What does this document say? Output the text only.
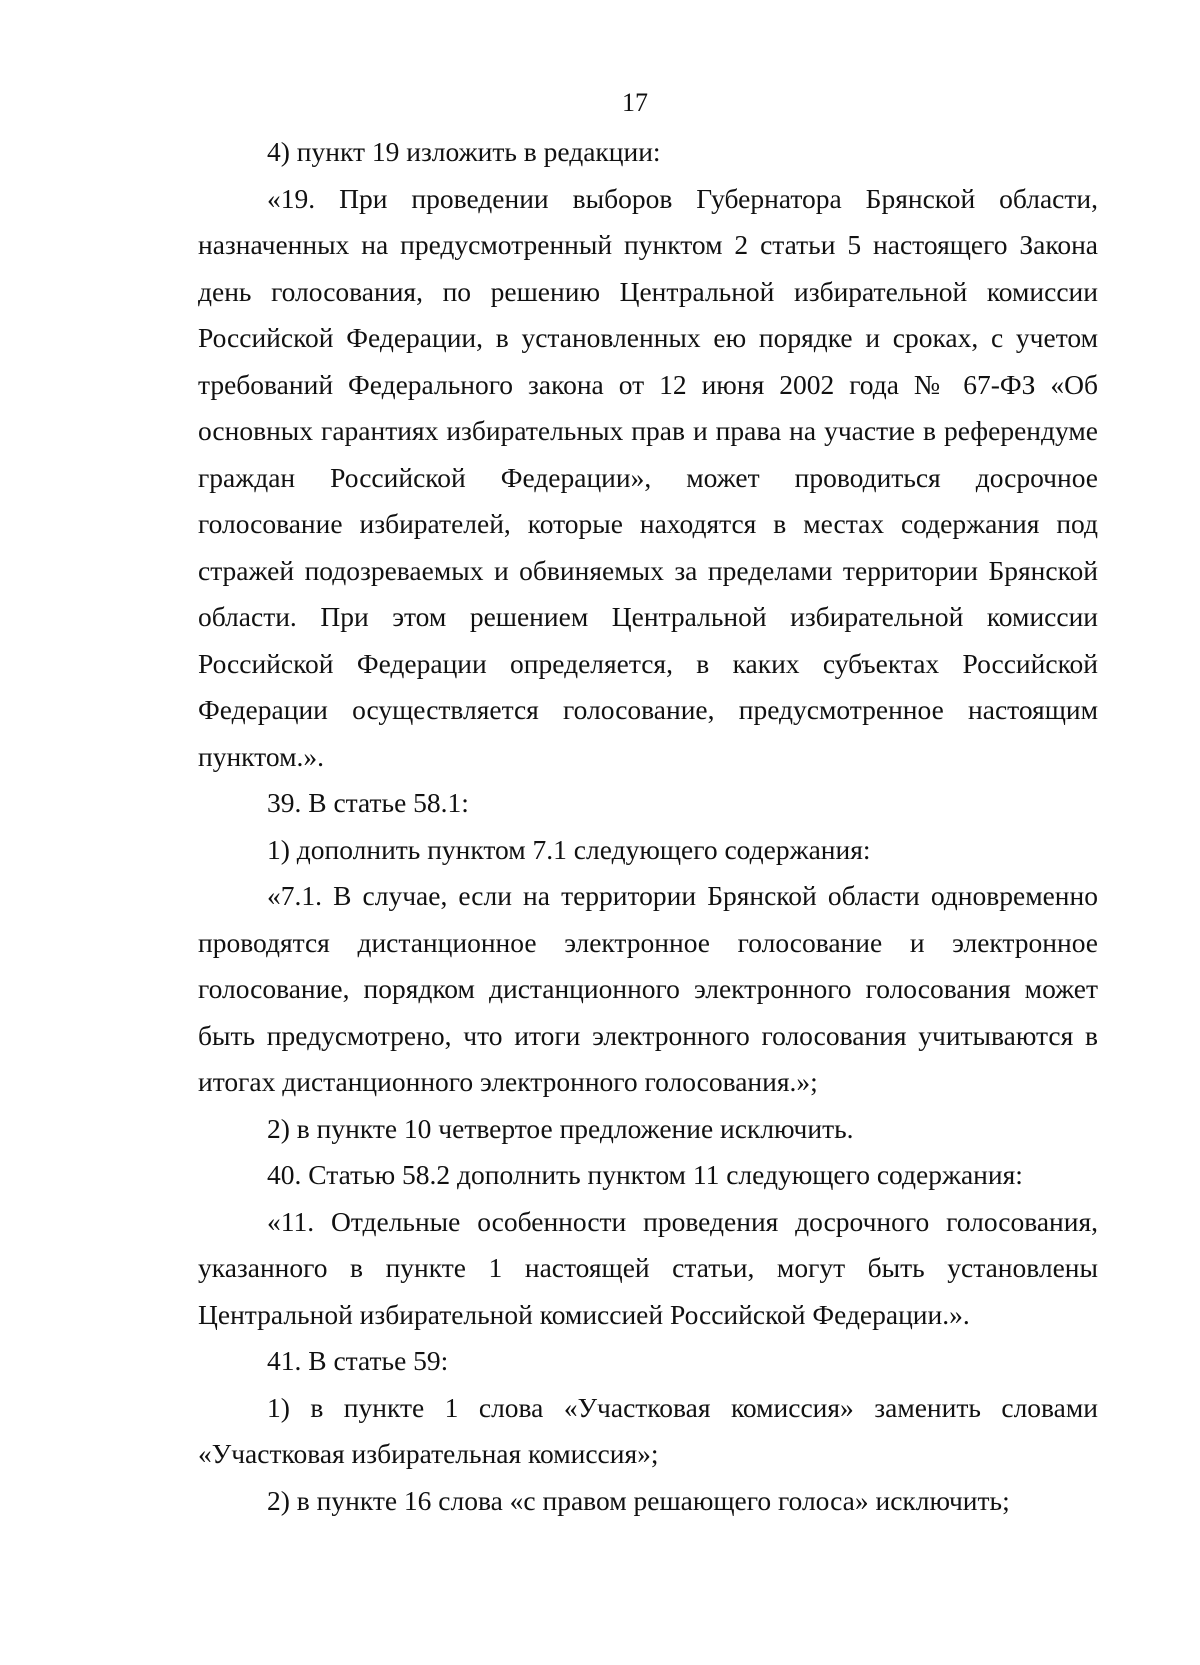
17

4) пункт 19 изложить в редакции:

«19. При проведении выборов Губернатора Брянской области, назначенных на предусмотренный пунктом 2 статьи 5 настоящего Закона день голосования, по решению Центральной избирательной комиссии Российской Федерации, в установленных ею порядке и сроках, с учетом требований Федерального закона от 12 июня 2002 года № 67-ФЗ «Об основных гарантиях избирательных прав и права на участие в референдуме граждан Российской Федерации», может проводиться досрочное голосование избирателей, которые находятся в местах содержания под стражей подозреваемых и обвиняемых за пределами территории Брянской области. При этом решением Центральной избирательной комиссии Российской Федерации определяется, в каких субъектах Российской Федерации осуществляется голосование, предусмотренное настоящим пунктом.».

39. В статье 58.1:

1) дополнить пунктом 7.1 следующего содержания:

«7.1. В случае, если на территории Брянской области одновременно проводятся дистанционное электронное голосование и электронное голосование, порядком дистанционного электронного голосования может быть предусмотрено, что итоги электронного голосования учитываются в итогах дистанционного электронного голосования.»;

2) в пункте 10 четвертое предложение исключить.

40. Статью 58.2 дополнить пунктом 11 следующего содержания:

«11. Отдельные особенности проведения досрочного голосования, указанного в пункте 1 настоящей статьи, могут быть установлены Центральной избирательной комиссией Российской Федерации.».

41. В статье 59:

1) в пункте 1 слова «Участковая комиссия» заменить словами «Участковая избирательная комиссия»;

2) в пункте 16 слова «с правом решающего голоса» исключить;
